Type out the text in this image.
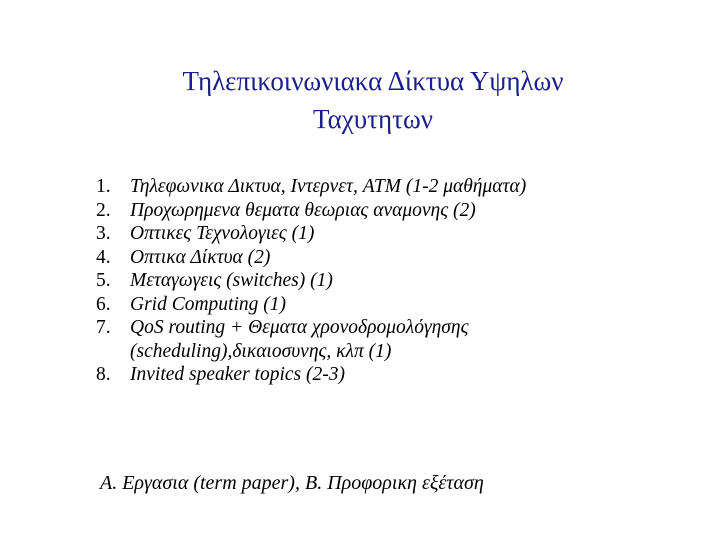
Τηλεπικοινωνιακα Δίκτυα Υψηλων
Ταχυτητων
1. Τηλεφωνικα Δικτυα, Ιντερνετ, ATM (1-2 μαθήματα)
2. Προχωρημενα θεματα θεωριας αναμονης (2)
3. Οπτικες Τεχνολογιες (1)
4. Οπτικα Δίκτυα (2)
5. Μεταγωγεις (switches) (1)
6. Grid Computing (1)
7. QoS routing + Θεματα χρονοδρομολόγησης
(scheduling),δικαιοσυνης, κλπ (1)
8. Invited speaker topics (2-3)
Α. Εργασια (term paper), Β. Προφορικη εξέταση
